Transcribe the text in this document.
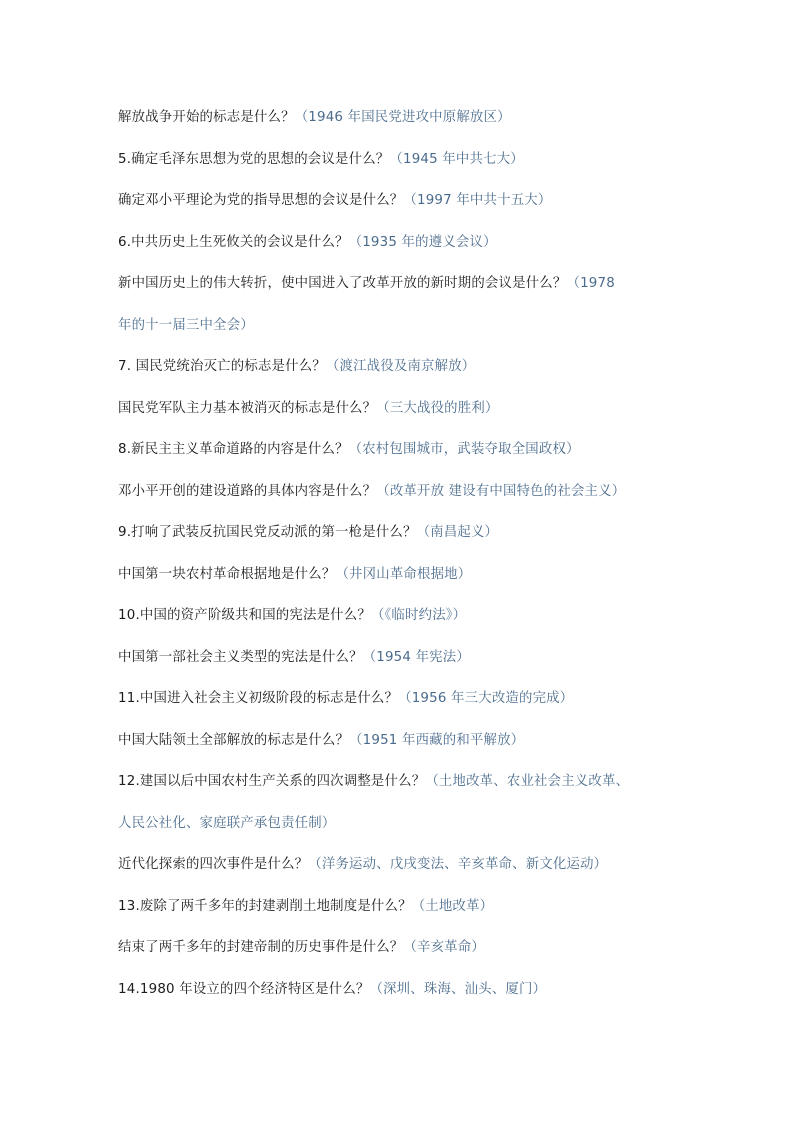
解放战争开始的标志是什么？（1946 年国民党进攻中原解放区）
5.确定毛泽东思想为党的思想的会议是什么？（1945 年中共七大）
确定邓小平理论为党的指导思想的会议是什么？（1997 年中共十五大）
6.中共历史上生死攸关的会议是什么？（1935 年的遵义会议）
新中国历史上的伟大转折，使中国进入了改革开放的新时期的会议是什么？（1978
年的十一届三中全会）
7. 国民党统治灭亡的标志是什么？（渡江战役及南京解放）
国民党军队主力基本被消灭的标志是什么？（三大战役的胜利）
8.新民主主义革命道路的内容是什么？（农村包围城市，武装夺取全国政权）
邓小平开创的建设道路的具体内容是什么？（改革开放 建设有中国特色的社会主义）
9.打响了武装反抗国民党反动派的第一枪是什么？（南昌起义）
中国第一块农村革命根据地是什么？（井冈山革命根据地）
10.中国的资产阶级共和国的宪法是什么？（《临时约法》）
中国第一部社会主义类型的宪法是什么？（1954 年宪法）
11.中国进入社会主义初级阶段的标志是什么？（1956 年三大改造的完成）
中国大陆领土全部解放的标志是什么？（1951 年西藏的和平解放）
12.建国以后中国农村生产关系的四次调整是什么？（土地改革、农业社会主义改革、
人民公社化、家庭联产承包责任制）
近代化探索的四次事件是什么？（洋务运动、戊戌变法、辛亥革命、新文化运动）
13.废除了两千多年的封建剥削土地制度是什么？（土地改革）
结束了两千多年的封建帝制的历史事件是什么？（辛亥革命）
14.1980 年设立的四个经济特区是什么？（深圳、珠海、汕头、厦门）
